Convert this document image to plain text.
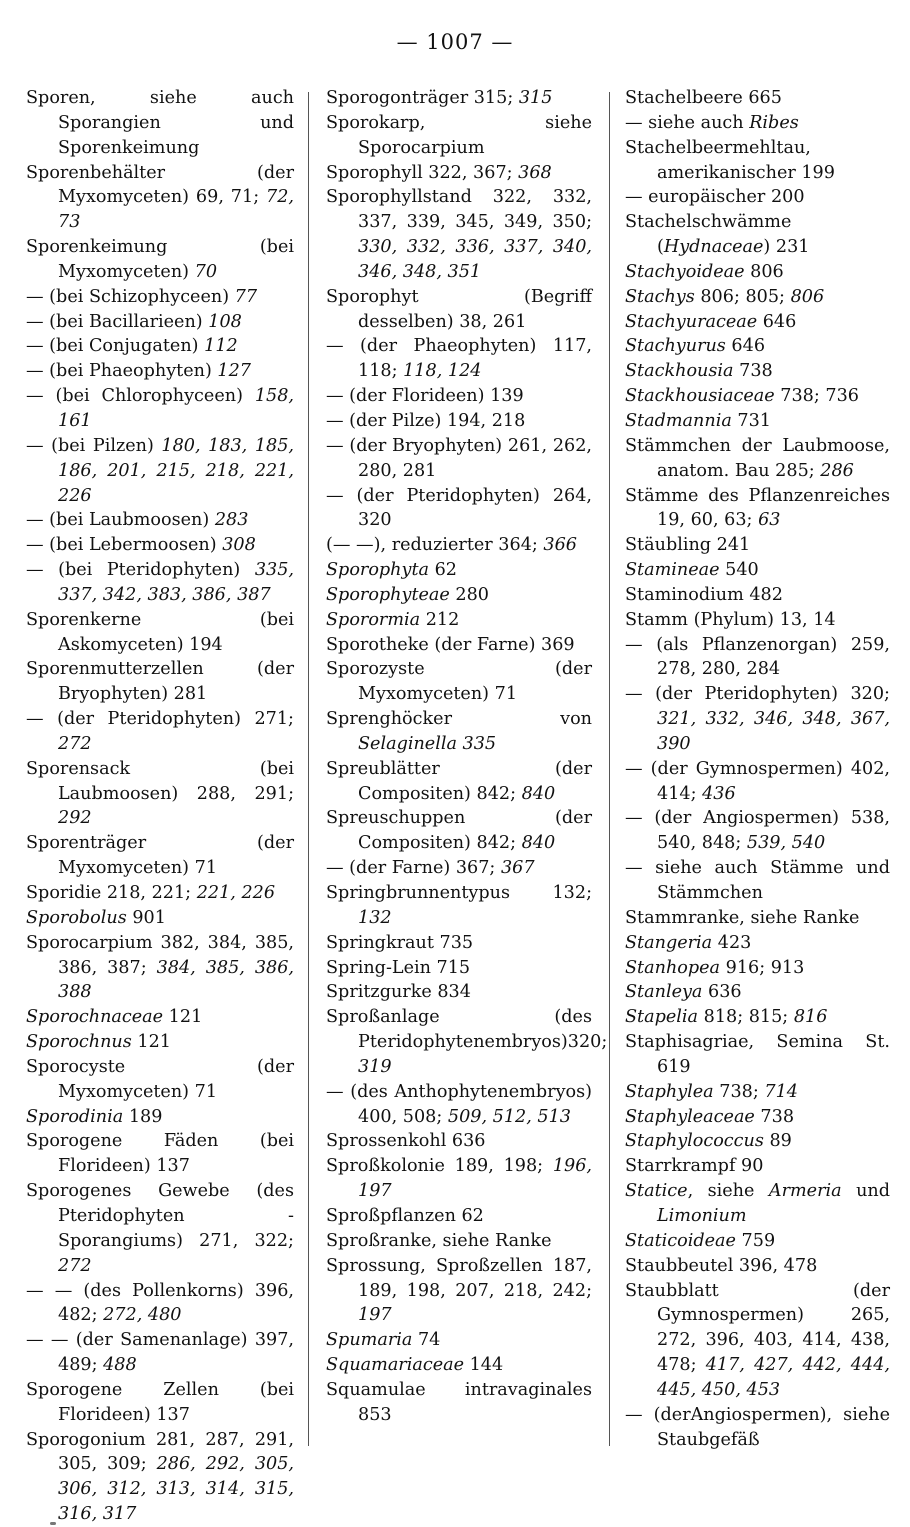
— 1007 —
Sporen, siehe auch Sporangien und Sporenkeimung
Sporenbehälter (der Myxomyceten) 69, 71; 72, 73
Sporenkeimung (bei Myxomyceten) 70
— (bei Schizophyceen) 77
— (bei Bacillarieen) 108
— (bei Conjugaten) 112
— (bei Phaeophyten) 127
— (bei Chlorophyceen) 158, 161
— (bei Pilzen) 180, 183, 185, 186, 201, 215, 218, 221, 226
— (bei Laubmoosen) 283
— (bei Lebermoosen) 308
— (bei Pteridophyten) 335, 337, 342, 383, 386, 387
Sporenkerne (bei Askomyceten) 194
Sporenmutterzellen (der Bryophyten) 281
— (der Pteridophyten) 271; 272
Sporensack (bei Laubmoosen) 288, 291; 292
Sporenträger (der Myxomyceten) 71
Sporidie 218, 221; 221, 226
Sporobolus 901
Sporocarpium 382, 384, 385, 386, 387; 384, 385, 386, 388
Sporochnaceae 121
Sporochnus 121
Sporocyste (der Myxomyceten) 71
Sporodinia 189
Sporogene Fäden (bei Florideen) 137
Sporogenes Gewebe (des Pteridophyten - Sporangiums) 271, 322; 272
— — (des Pollenkorns) 396, 482; 272, 480
— — (der Samenanlage) 397, 489; 488
Sporogene Zellen (bei Florideen) 137
Sporogonium 281, 287, 291, 305, 309; 286, 292, 305, 306, 312, 313, 314, 315, 316, 317
Sporogonträger 315; 315
Sporokarp, siehe Sporocarpium
Sporophyll 322, 367; 368
Sporophyllstand 322, 332, 337, 339, 345, 349, 350; 330, 332, 336, 337, 340, 346, 348, 351
Sporophyt (Begriff desselben) 38, 261
— (der Phaeophyten) 117, 118; 118, 124
— (der Florideen) 139
— (der Pilze) 194, 218
— (der Bryophyten) 261, 262, 280, 281
— (der Pteridophyten) 264, 320
(— —), reduzierter 364; 366
Sporophyta 62
Sporophyteae 280
Sporormia 212
Sporotheke (der Farne) 369
Sporozyste (der Myxomyceten) 71
Sprenghöcker von Selaginella 335
Spreublätter (der Compositen) 842; 840
Spreuschuppen (der Compositen) 842; 840
— (der Farne) 367; 367
Springbrunnentypus 132; 132
Springkraut 735
Spring-Lein 715
Spritzgurke 834
Sproßanlage (des Pteridophytenembryos)320; 319
— (des Anthophytenembryos) 400, 508; 509, 512, 513
Sprossenkohl 636
Sproßkolonie 189, 198; 196, 197
Sproßpflanzen 62
Sproßranke, siehe Ranke
Sprossung, Sproßzellen 187, 189, 198, 207, 218, 242; 197
Spumaria 74
Squamariaceae 144
Squamulae intravaginales 853
Stachelbeere 665
— siehe auch Ribes
Stachelbeermehltau, amerikanischer 199
— europäischer 200
Stachelschwämme (Hydnaceae) 231
Stachyoideae 806
Stachys 806; 805; 806
Stachyuraceae 646
Stachyurus 646
Stackhousia 738
Stackhousiaceae 738; 736
Stadmannia 731
Stämmchen der Laubmoose, anatom. Bau 285; 286
Stämme des Pflanzenreiches 19, 60, 63; 63
Stäubling 241
Stamineae 540
Staminodium 482
Stamm (Phylum) 13, 14
— (als Pflanzenorgan) 259, 278, 280, 284
— (der Pteridophyten) 320; 321, 332, 346, 348, 367, 390
— (der Gymnospermen) 402, 414; 436
— (der Angiospermen) 538, 540, 848; 539, 540
— siehe auch Stämme und Stämmchen
Stammranke, siehe Ranke
Stangeria 423
Stanhopea 916; 913
Stanleya 636
Stapelia 818; 815; 816
Staphisagriae, Semina St. 619
Staphylea 738; 714
Staphyleaceae 738
Staphylococcus 89
Starrkrampf 90
Statice, siehe Armeria und Limonium
Staticoideae 759
Staubbeutel 396, 478
Staubblatt (der Gymnospermen) 265, 272, 396, 403, 414, 438, 478; 417, 427, 442, 444, 445, 450, 453
— (derAngiospermen), siehe Staubgefäß
